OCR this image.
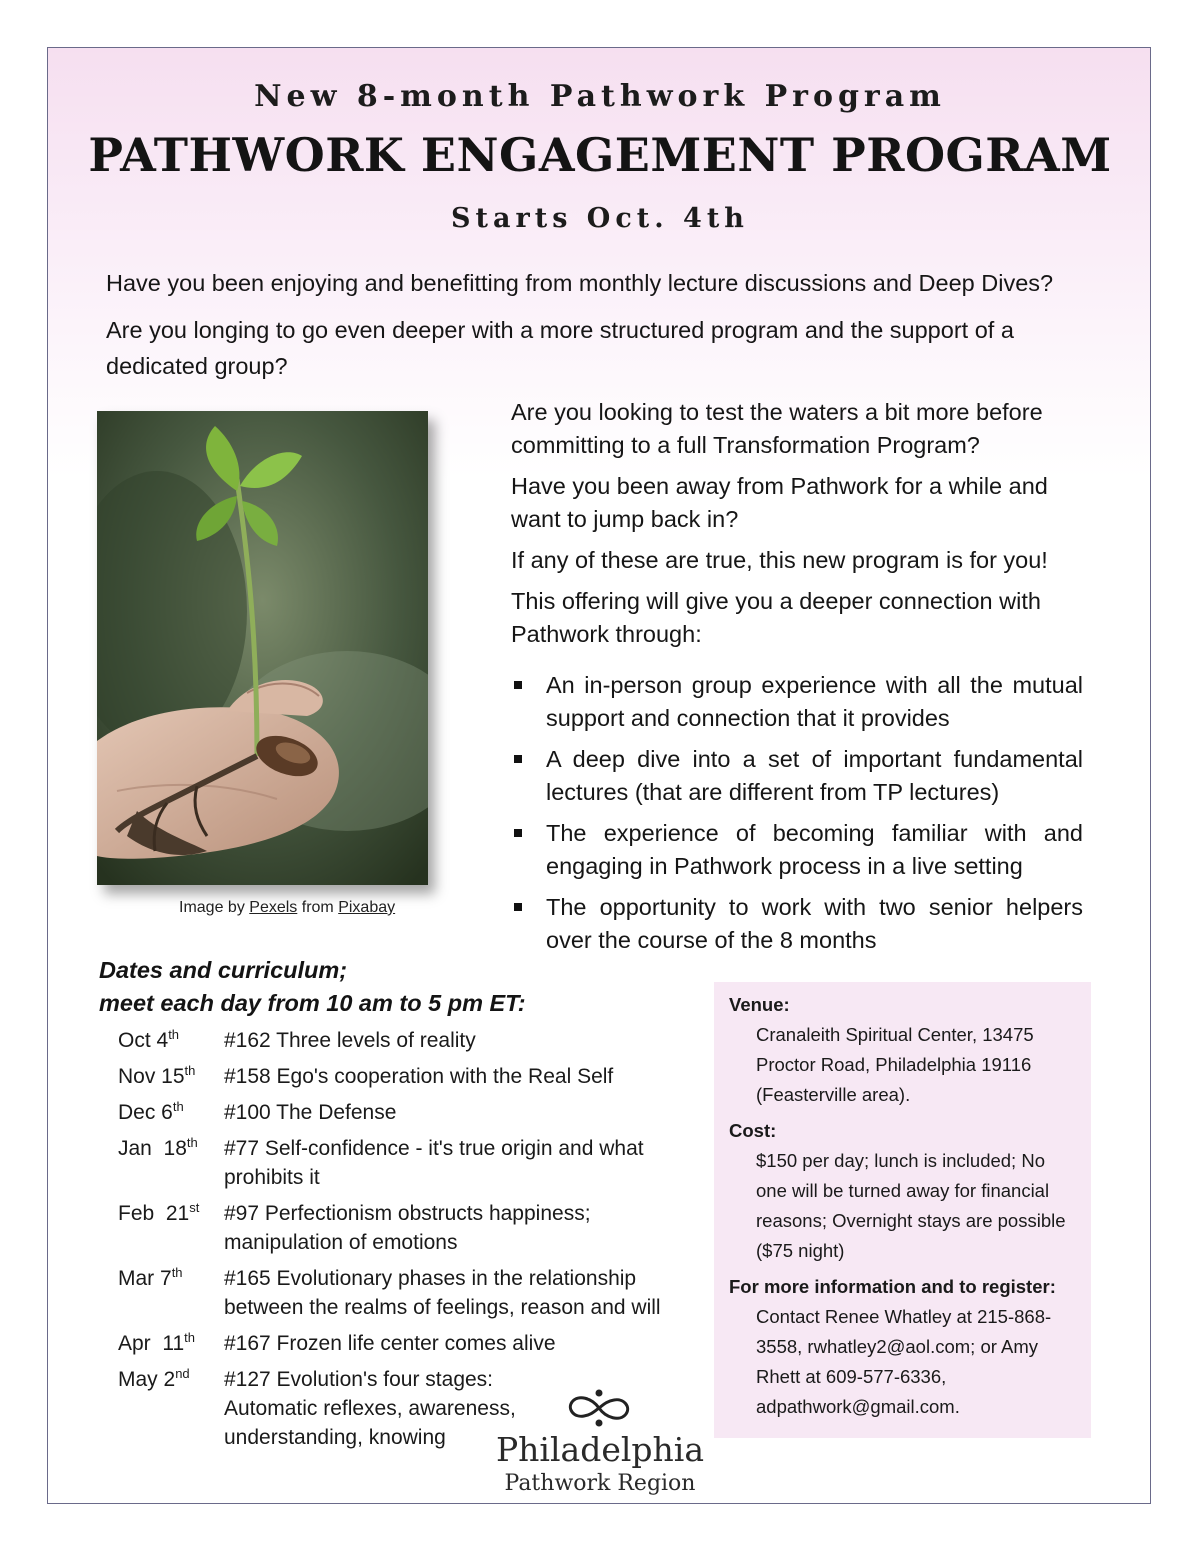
New 8-month Pathwork Program
PATHWORK ENGAGEMENT PROGRAM
Starts Oct. 4th

Have you been enjoying and benefitting from monthly lecture discussions and Deep Dives?

Are you longing to go even deeper with a more structured program and the support of a dedicated group?

Image by Pexels from Pixabay

Are you looking to test the waters a bit more before committing to a full Transformation Program?

Have you been away from Pathwork for a while and want to jump back in?

If any of these are true, this new program is for you!

This offering will give you a deeper connection with Pathwork through:

An in-person group experience with all the mutual support and connection that it provides
A deep dive into a set of important fundamental lectures (that are different from TP lectures)
The experience of becoming familiar with and engaging in Pathwork process in a live setting
The opportunity to work with two senior helpers over the course of the 8 months
Dates and curriculum;
meet each day from 10 am to 5 pm ET:
Oct 4th	#162 Three levels of reality
Nov 15th	#158 Ego's cooperation with the Real Self
Dec 6th	#100 The Defense
Jan  18th	#77 Self-confidence - it's true origin and what prohibits it
Feb  21st	#97 Perfectionism obstructs happiness; manipulation of emotions
Mar 7th	#165 Evolutionary phases in the relationship between the realms of feelings, reason and will
Apr  11th	#167 Frozen life center comes alive
May 2nd	#127 Evolution's four stages: Automatic reflexes, awareness, understanding, knowing
Venue:
Cranaleith Spiritual Center, 13475 Proctor Road, Philadelphia 19116 (Feasterville area).
Cost:
$150 per day; lunch is included; No one will be turned away for financial reasons; Overnight stays are possible ($75 night)
For more information and to register:
Contact Renee Whatley at 215-868-3558, rwhatley2@aol.com; or Amy Rhett at 609-577-6336, adpathwork@gmail.com.
Philadelphia
Pathwork Region
